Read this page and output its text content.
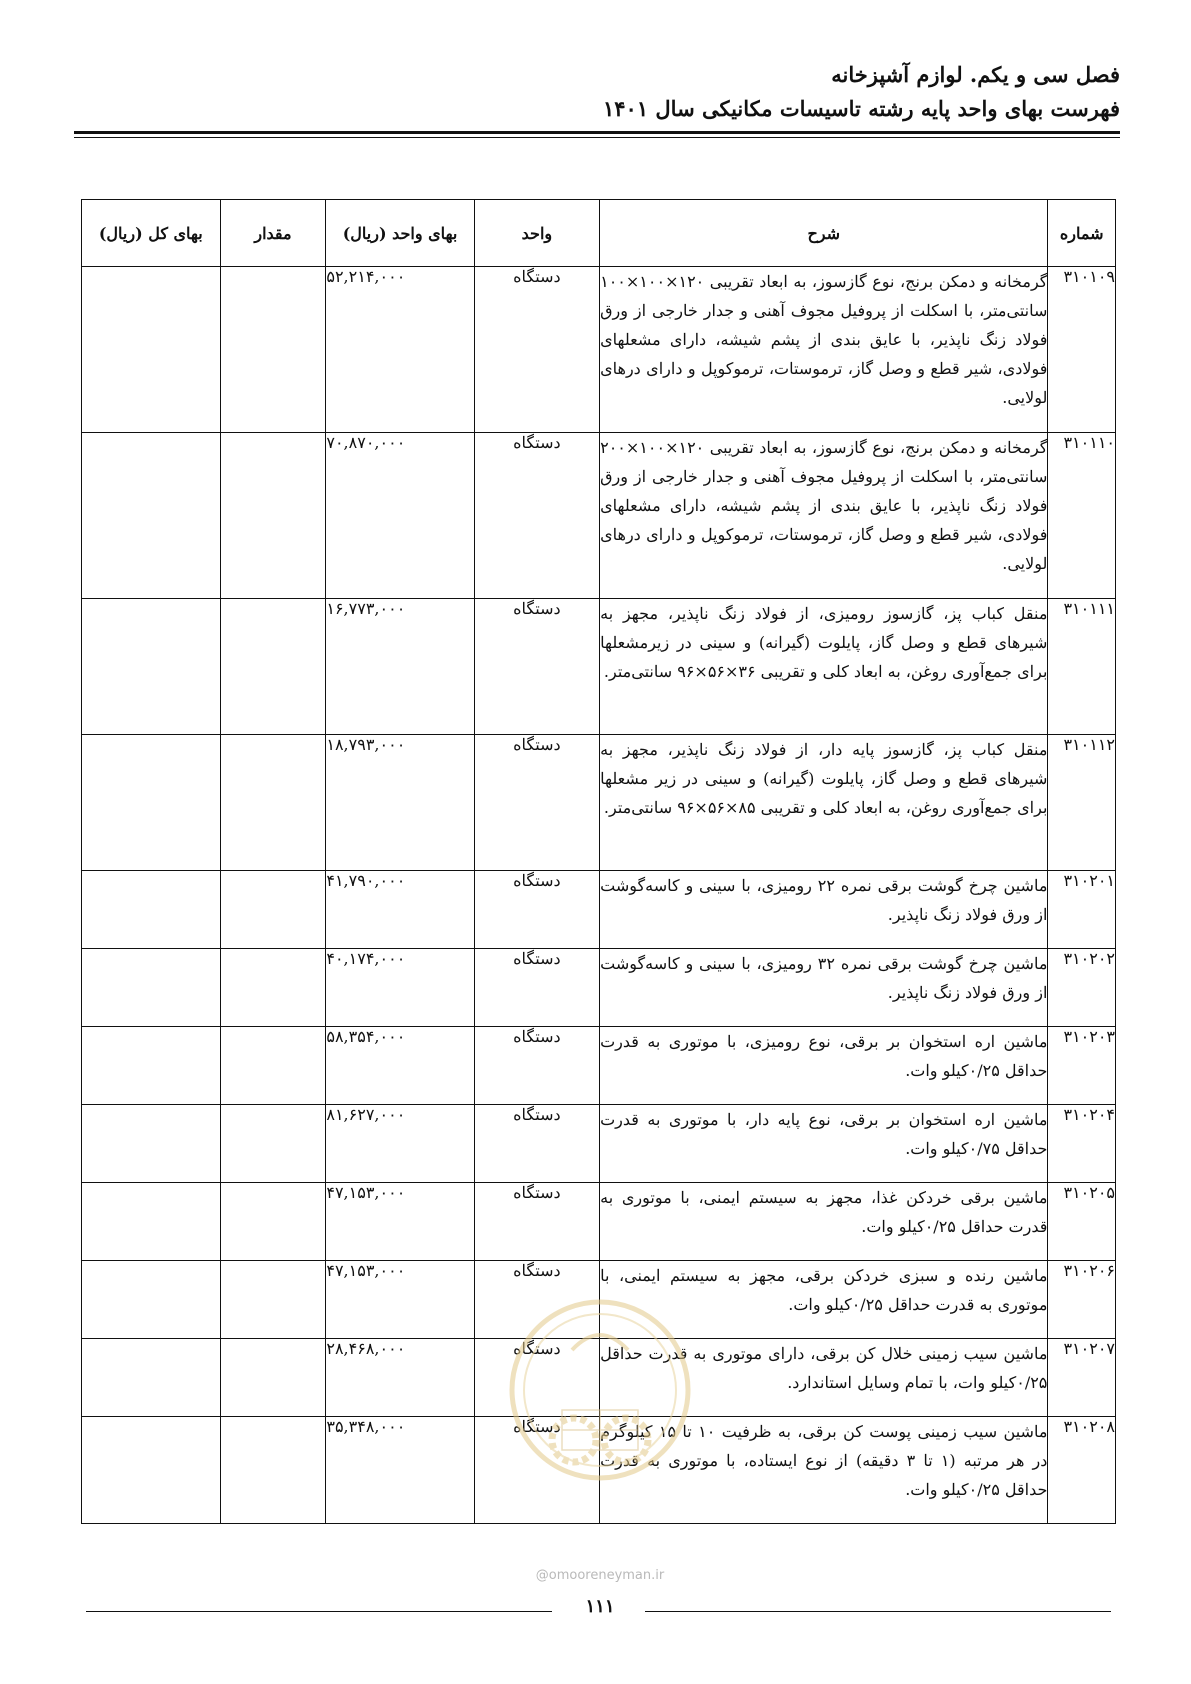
فصل سی و یکم. لوازم آشپزخانه
فهرست بهای واحد پایه رشته تاسیسات مکانیکی سال ۱۴۰۱
شماره	شرح	واحد	بهای واحد (ریال)	مقدار	بهای کل (ریال)
۳۱۰۱۰۹	گرمخانه و دمکن برنج، نوع گازسوز، به ابعاد تقریبی ۱۲۰×۱۰۰×۱۰۰ سانتی‌متر، با اسکلت از پروفیل مجوف آهنی و جدار خارجی از ورق فولاد زنگ ناپذیر، با عایق بندی از پشم شیشه، دارای مشعلهای فولادی، شیر قطع و وصل گاز، ترموستات، ترموکوپل و دارای درهای لولایی.	دستگاه	۵۲,۲۱۴,۰۰۰		
۳۱۰۱۱۰	گرمخانه و دمکن برنج، نوع گازسوز، به ابعاد تقریبی ۱۲۰×۱۰۰×۲۰۰ سانتی‌متر، با اسکلت از پروفیل مجوف آهنی و جدار خارجی از ورق فولاد زنگ ناپذیر، با عایق بندی از پشم شیشه، دارای مشعلهای فولادی، شیر قطع و وصل گاز، ترموستات، ترموکوپل و دارای درهای لولایی.	دستگاه	۷۰,۸۷۰,۰۰۰		
۳۱۰۱۱۱	منقل کباب پز، گازسوز رومیزی، از فولاد زنگ ناپذیر، مجهز به شیرهای قطع و وصل گاز، پایلوت (گیرانه) و سینی در زیرمشعلها برای جمع‌آوری روغن، به ابعاد کلی و تقریبی ۳۶×۵۶×۹۶ سانتی‌متر.	دستگاه	۱۶,۷۷۳,۰۰۰		
۳۱۰۱۱۲	منقل کباب پز، گازسوز پایه دار، از فولاد زنگ ناپذیر، مجهز به شیرهای قطع و وصل گاز، پایلوت (گیرانه) و سینی در زیر مشعلها برای جمع‌آوری روغن، به ابعاد کلی و تقریبی ۸۵×۵۶×۹۶ سانتی‌متر.	دستگاه	۱۸,۷۹۳,۰۰۰		
۳۱۰۲۰۱	ماشین چرخ گوشت برقی نمره ۲۲ رومیزی، با سینی و کاسه‌گوشت از ورق فولاد زنگ ناپذیر.	دستگاه	۴۱,۷۹۰,۰۰۰		
۳۱۰۲۰۲	ماشین چرخ گوشت برقی نمره ۳۲ رومیزی، با سینی و کاسه‌گوشت از ورق فولاد زنگ ناپذیر.	دستگاه	۴۰,۱۷۴,۰۰۰		
۳۱۰۲۰۳	ماشین اره استخوان بر برقی، نوع رومیزی، با موتوری به قدرت حداقل ۰/۲۵کیلو وات.	دستگاه	۵۸,۳۵۴,۰۰۰		
۳۱۰۲۰۴	ماشین اره استخوان بر برقی، نوع پایه دار، با موتوری به قدرت حداقل ۰/۷۵کیلو وات.	دستگاه	۸۱,۶۲۷,۰۰۰		
۳۱۰۲۰۵	ماشین برقی خردکن غذا، مجهز به سیستم ایمنی، با موتوری به قدرت حداقل ۰/۲۵کیلو وات.	دستگاه	۴۷,۱۵۳,۰۰۰		
۳۱۰۲۰۶	ماشین رنده و سبزی خردکن برقی، مجهز به سیستم ایمنی، با موتوری به قدرت حداقل ۰/۲۵کیلو وات.	دستگاه	۴۷,۱۵۳,۰۰۰		
۳۱۰۲۰۷	ماشین سیب زمینی خلال کن برقی، دارای موتوری به قدرت حداقل ۰/۲۵کیلو وات، با تمام وسایل استاندارد.	دستگاه	۲۸,۴۶۸,۰۰۰		
۳۱۰۲۰۸	ماشین سیب زمینی پوست کن برقی، به ظرفیت ۱۰ تا ۱۵ کیلوگرم در هر مرتبه (۱ تا ۳ دقیقه) از نوع ایستاده، با موتوری به قدرت حداقل ۰/۲۵کیلو وات.	دستگاه	۳۵,۳۴۸,۰۰۰		
@omooreneyman.ir
۱۱۱
